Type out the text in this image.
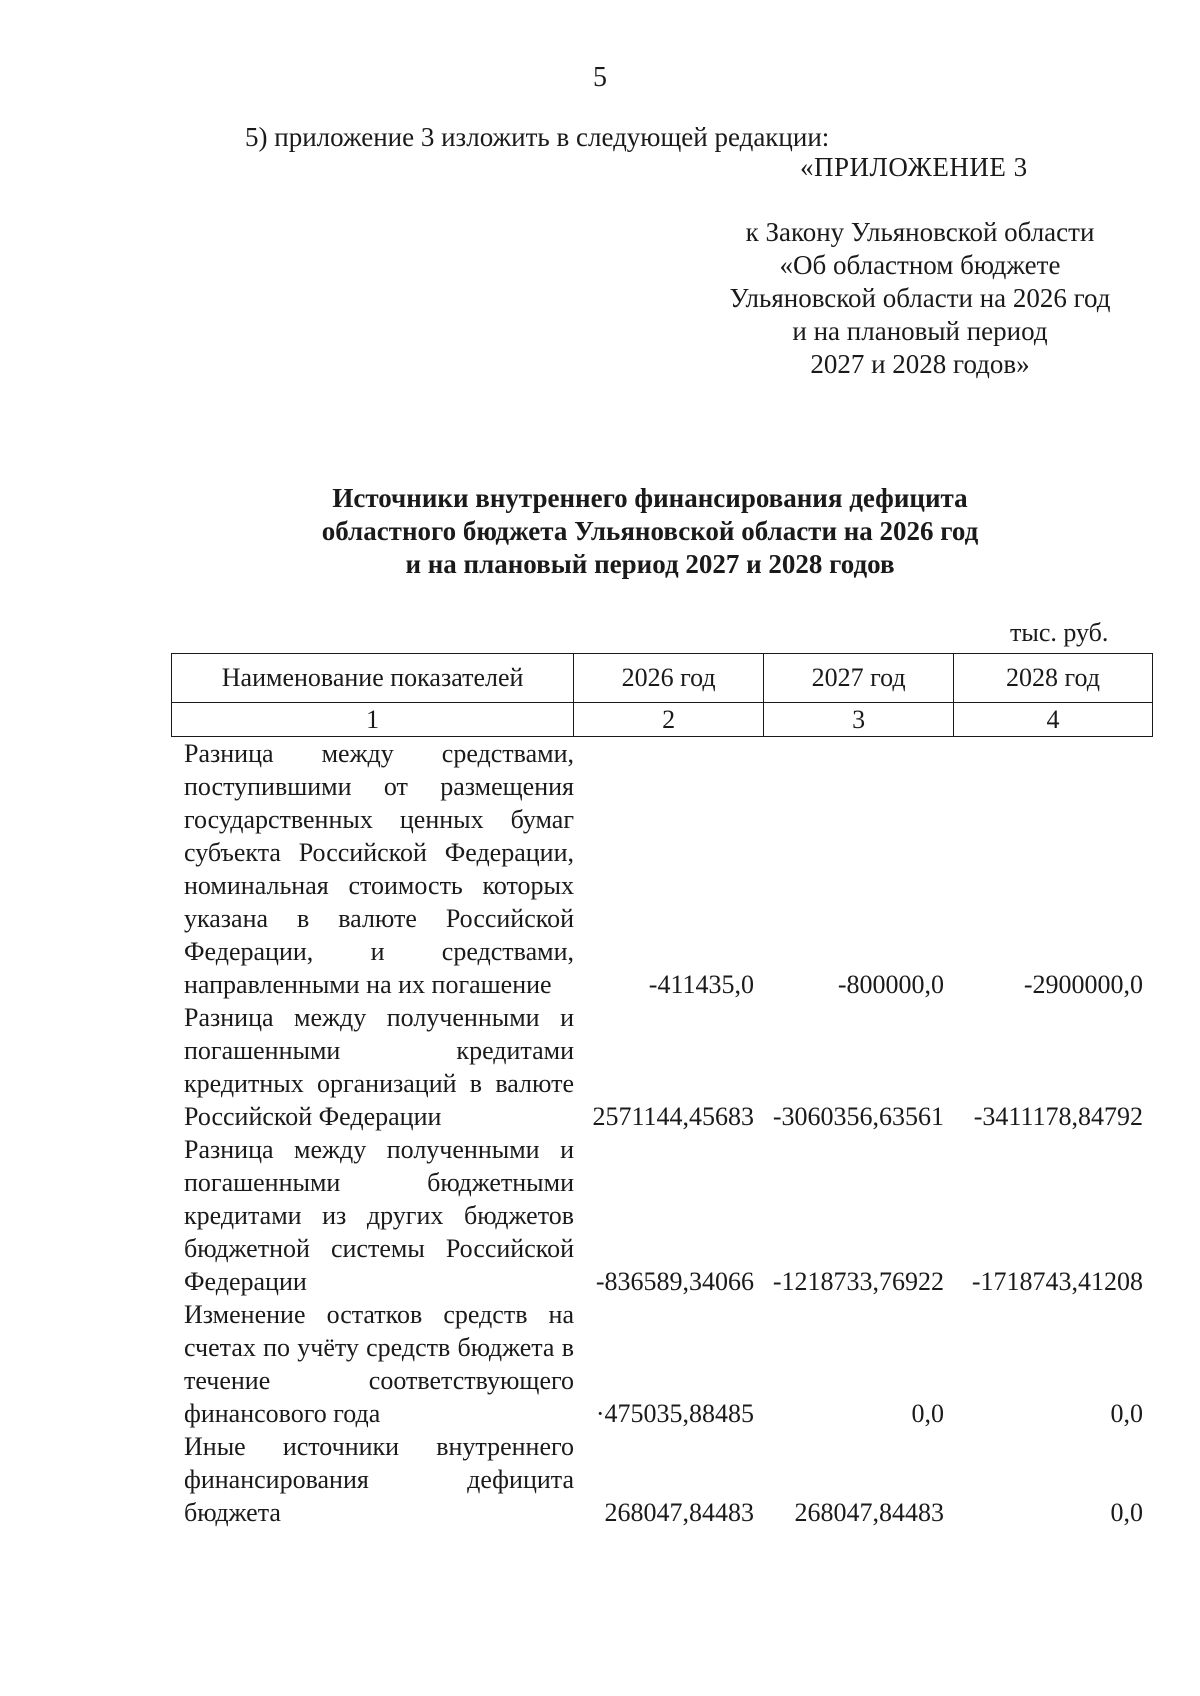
5
5) приложение 3 изложить в следующей редакции:
«ПРИЛОЖЕНИЕ 3
к Закону Ульяновской области
«Об областном бюджете
Ульяновской области на 2026 год
и на плановый период
2027 и 2028 годов»
Источники внутреннего финансирования дефицита
областного бюджета Ульяновской области на 2026 год
и на плановый период 2027 и 2028 годов
тыс. руб.
Наименование показателей	2026 год	2027 год	2028 год
1	2	3	4
Разница между средствами, поступившими от размещения государственных ценных бумаг субъекта Российской Федерации, номинальная стоимость которых указана в валюте Российской Федерации, и средствами, направленными на их погашение	-411435,0	-800000,0	-2900000,0
Разница между полученными и погашенными кредитами кредитных организаций в валюте Российской Федерации	2571144,45683 -3060356,63561	-3411178,84792
Разница между полученными и погашенными бюджетными кредитами из других бюджетов бюджетной системы Российской Федерации	-836589,34066 -1218733,76922	-1718743,41208
Изменение остатков средств на счетах по учёту средств бюджета в течение соответствующего финансового года	·475035,88485	0,0	0,0
Иные источники внутреннего финансирования дефицита бюджета	268047,84483	268047,84483	0,0
